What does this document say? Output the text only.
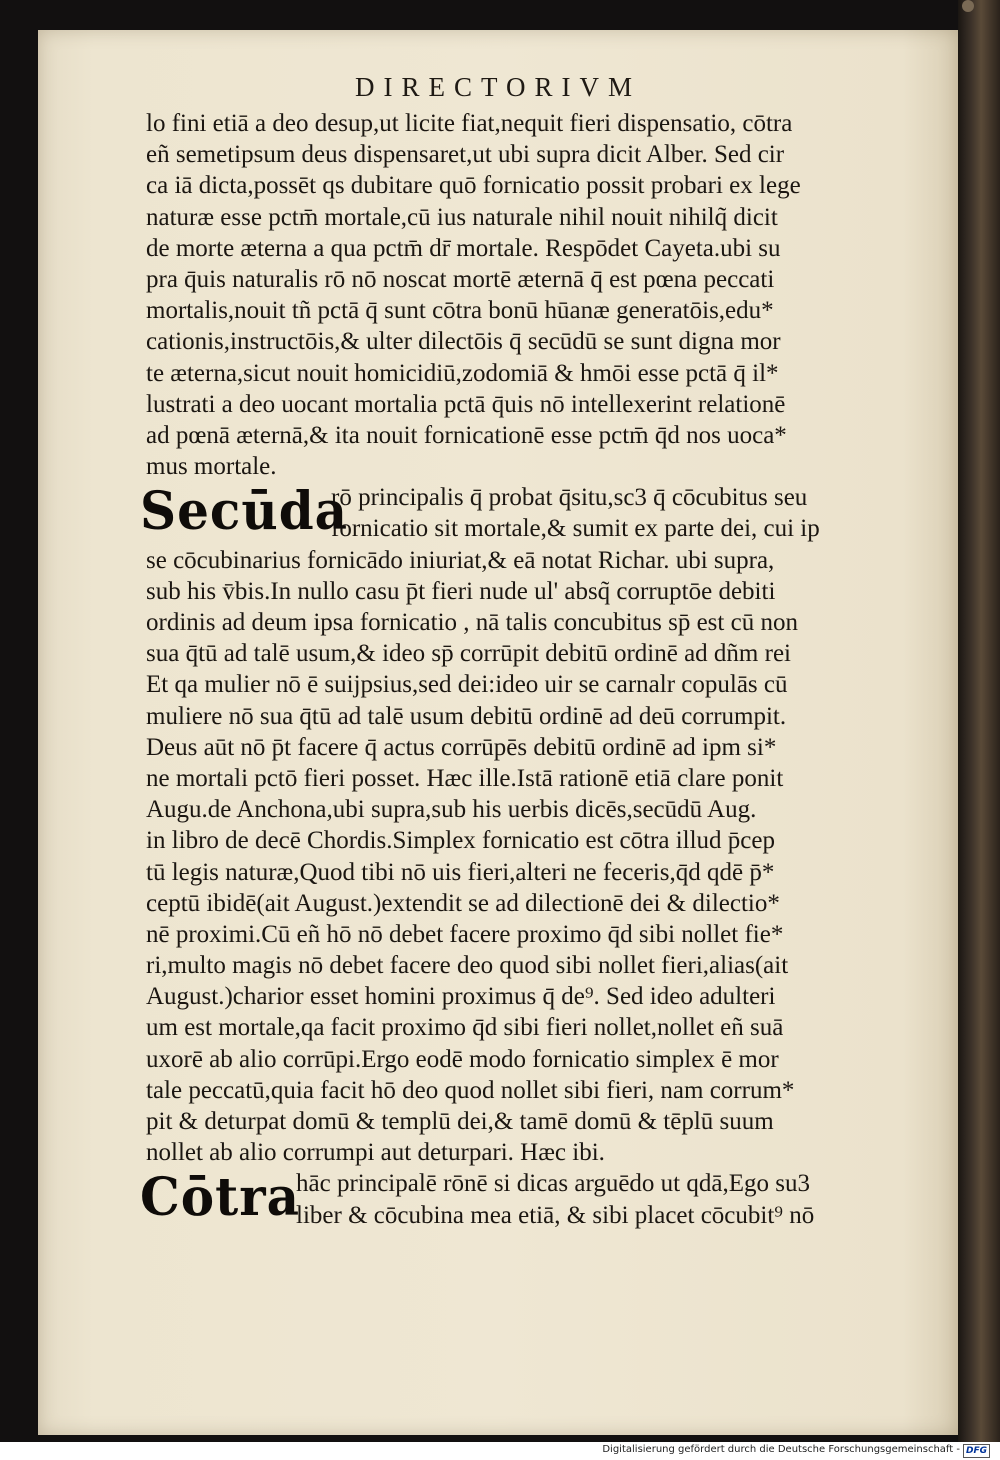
DIRECTORIVM
lo fini etiā a deo desup,ut licite fiat,nequit fieri dispensatio, cōtra
eñ semetipsum deus dispensaret,ut ubi supra dicit Alber. Sed cir
ca iā dicta,possēt qs dubitare quō fornicatio possit probari ex lege
naturæ esse pctm̄ mortale,cū ius naturale nihil nouit nihilq̃ dicit
de morte æterna a qua pctm̄ dr̄ mortale. Respōdet Cayeta.ubi su
pra q̄uis naturalis rō nō noscat mortē æternā q̄ est pœna peccati
mortalis,nouit tñ pctā q̄ sunt cōtra bonū hūanæ generatōis,edu*
cationis,instructōis,& ulter dilectōis q̄ secūdū se sunt digna mor
te æterna,sicut nouit homicidiū,zodomiā & hmōi esse pctā q̄ il*
lustrati a deo uocant mortalia pctā q̄uis nō intellexerint relationē
ad pœnā æternā,& ita nouit fornicationē esse pctm̄ q̄d nos uoca*
mus mortale.
Secūda
rō principalis q̄ probat q̄situ,sc3 q̄ cōcubitus seu
fornicatio sit mortale,& sumit ex parte dei, cui ip
se cōcubinarius fornicādo iniuriat,& eā notat Richar. ubi supra,
sub his v̄bis.In nullo casu p̄t fieri nude ul' absq̃ corruptōe debiti
ordinis ad deum ipsa fornicatio , nā talis concubitus sp̄ est cū non
sua q̄tū ad talē usum,& ideo sp̄ corrūpit debitū ordinē ad dñm rei
Et qa mulier nō ē suijpsius,sed dei:ideo uir se carnalr copulās cū
muliere nō sua q̄tū ad talē usum debitū ordinē ad deū corrumpit.
Deus aūt nō p̄t facere q̄ actus corrūpēs debitū ordinē ad ipm si*
ne mortali pctō fieri posset. Hæc ille.Istā rationē etiā clare ponit
Augu.de Anchona,ubi supra,sub his uerbis dicēs,secūdū Aug.
in libro de decē Chordis.Simplex fornicatio est cōtra illud p̄cep
tū legis naturæ,Quod tibi nō uis fieri,alteri ne feceris,q̄d qdē p̄*
ceptū ibidē(ait August.)extendit se ad dilectionē dei & dilectio*
nē proximi.Cū eñ hō nō debet facere proximo q̄d sibi nollet fie*
ri,multo magis nō debet facere deo quod sibi nollet fieri,alias(ait
August.)charior esset homini proximus q̄ de⁹. Sed ideo adulteri
um est mortale,qa facit proximo q̄d sibi fieri nollet,nollet eñ suā
uxorē ab alio corrūpi.Ergo eodē modo fornicatio simplex ē mor
tale peccatū,quia facit hō deo quod nollet sibi fieri, nam corrum*
pit & deturpat domū & templū dei,& tamē domū & tēplū suum
nollet ab alio corrumpi aut deturpari. Hæc ibi.
Cōtra
hāc principalē rōnē si dicas arguēdo ut qdā,Ego su3
liber & cōcubina mea etiā, & sibi placet cōcubit⁹ nō
Digitalisierung gefördert durch die Deutsche Forschungsgemeinschaft - DFG
